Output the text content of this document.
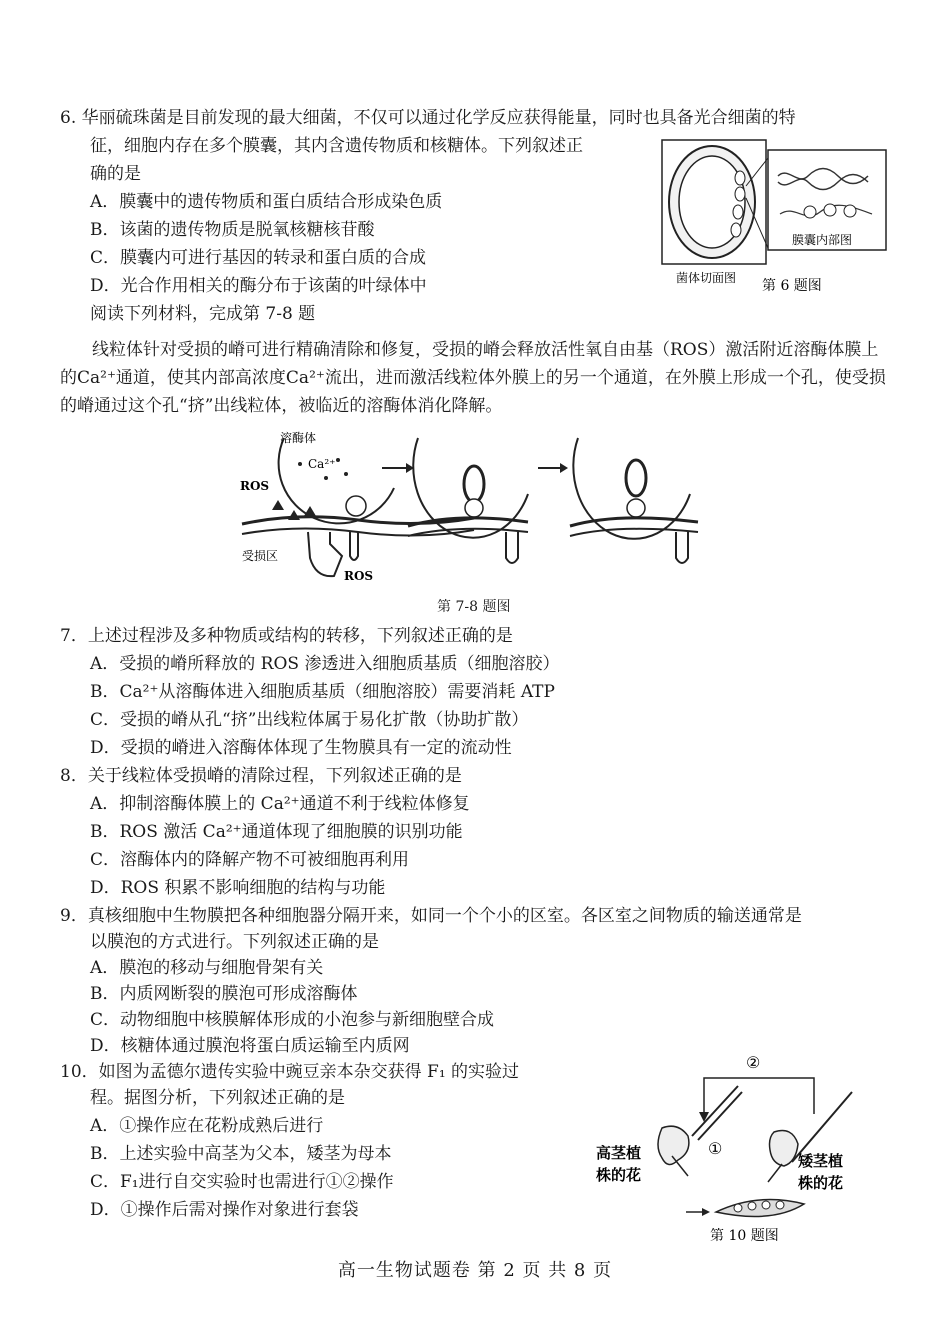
6. 华丽硫珠菌是目前发现的最大细菌，不仅可以通过化学反应获得能量，同时也具备光合细菌的特
征，细胞内存在多个膜囊，其内含遗传物质和核糖体。下列叙述正
确的是
A．膜囊中的遗传物质和蛋白质结合形成染色质
B．该菌的遗传物质是脱氧核糖核苷酸
C．膜囊内可进行基因的转录和蛋白质的合成
D．光合作用相关的酶分布于该菌的叶绿体中
膜囊内部图
菌体切面图 第 6 题图
阅读下列材料，完成第 7-8 题
线粒体针对受损的嵴可进行精确清除和修复，受损的嵴会释放活性氧自由基（ROS）激活附近溶酶体膜上的Ca²⁺通道，使其内部高浓度Ca²⁺流出，进而激活线粒体外膜上的另一个通道，在外膜上形成一个孔，使受损的嵴通过这个孔“挤”出线粒体，被临近的溶酶体消化降解。
溶酶体
Ca²⁺
ROS
受损区
ROS
第 7-8 题图
7．上述过程涉及多种物质或结构的转移，下列叙述正确的是
A．受损的嵴所释放的 ROS 渗透进入细胞质基质（细胞溶胶）
B．Ca²⁺从溶酶体进入细胞质基质（细胞溶胶）需要消耗 ATP
C．受损的嵴从孔“挤”出线粒体属于易化扩散（协助扩散）
D．受损的嵴进入溶酶体体现了生物膜具有一定的流动性
8．关于线粒体受损嵴的清除过程，下列叙述正确的是
A．抑制溶酶体膜上的 Ca²⁺通道不利于线粒体修复
B．ROS 激活 Ca²⁺通道体现了细胞膜的识别功能
C．溶酶体内的降解产物不可被细胞再利用
D．ROS 积累不影响细胞的结构与功能
9．真核细胞中生物膜把各种细胞器分隔开来，如同一个个小的区室。各区室之间物质的输送通常是
以膜泡的方式进行。下列叙述正确的是
A．膜泡的移动与细胞骨架有关
B．内质网断裂的膜泡可形成溶酶体
C．动物细胞中核膜解体形成的小泡参与新细胞壁合成
D．核糖体通过膜泡将蛋白质运输至内质网
10．如图为孟德尔遗传实验中豌豆亲本杂交获得 F₁ 的实验过
程。据图分析，下列叙述正确的是
A．①操作应在花粉成熟后进行
B．上述实验中高茎为父本，矮茎为母本
C．F₁进行自交实验时也需进行①②操作
D．①操作后需对操作对象进行套袋
②
①
高茎植
株的花
矮茎植
株的花
第 10 题图
高一生物试题卷 第 2 页 共 8 页
